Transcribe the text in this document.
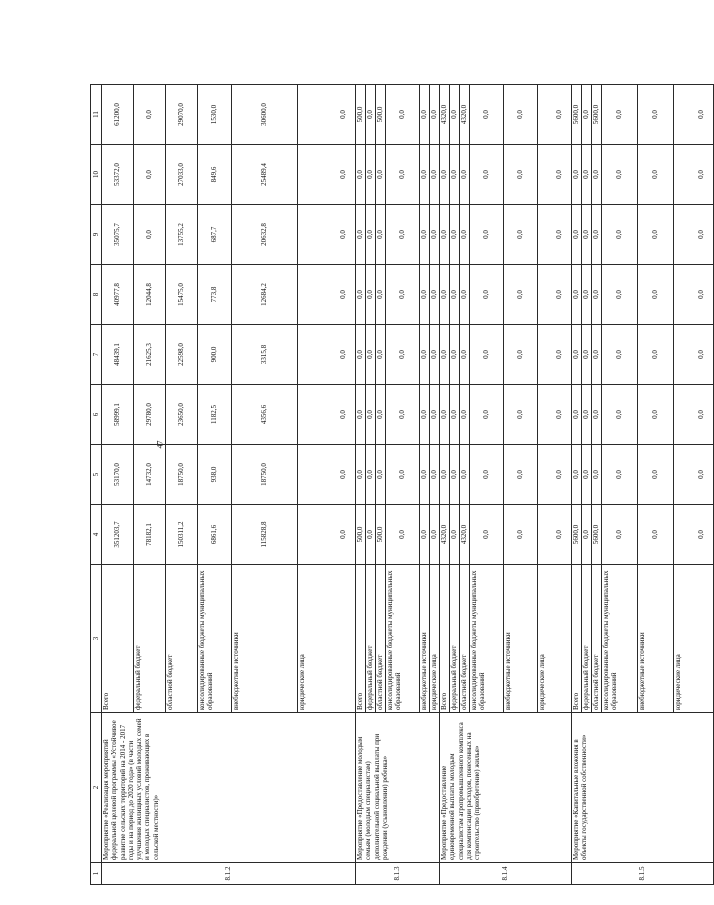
47
1	2	3	4	5	6	7	8	9	10	11
8.1.2	Мероприятие «Реализация мероприятий федеральной целевой программы «Устойчивое развитие сельских территорий на 2014 - 2017 годы и на период до 2020 года» (в части улучшения жилищных условий молодых семей и молодых специалистов, проживающих в сельской местности)»	Всего	351203,7	53170,0	58999,1	48439,1	40977,8	35075,7	53372,0	61200,0
		федеральный бюджет	78182,1	14732,0	29780,0	21625,3	12044,8	0,0	0,0	0,0
		областной бюджет	150311,2	18750,0	23650,0	22598,0	15475,0	13755,2	27033,0	29070,0
		консолидированные бюджеты муниципальных образований	6861,6	938,0	1182,5	900,0	773,8	687,7	849,6	1530,0
		внебюджетные источники	115828,8	18750,0	4356,6	3315,8	12684,2	20632,8	25489,4	30600,0
		юридические лица	0,0	0,0	0,0	0,0	0,0	0,0	0,0	0,0
8.1.3	Мероприятие «Предоставление молодым семьям (молодым специалистам) дополнительной социальной выплаты при рождении (усыновлении) ребенка»	Всего	500,0	0,0	0,0	0,0	0,0	0,0	0,0	500,0
		федеральный бюджет	0,0	0,0	0,0	0,0	0,0	0,0	0,0	0,0
		областной бюджет	500,0	0,0	0,0	0,0	0,0	0,0	0,0	500,0
		консолидированные бюджеты муниципальных образований	0,0	0,0	0,0	0,0	0,0	0,0	0,0	0,0
		внебюджетные источники	0,0	0,0	0,0	0,0	0,0	0,0	0,0	0,0
		юридические лица	0,0	0,0	0,0	0,0	0,0	0,0	0,0	0,0
8.1.4	Мероприятие «Предоставление единовременной выплаты молодым специалистам агропромышленного комплекса для компенсации расходов, понесенных на строительство (приобретение) жилья»	Всего	4320,0	0,0	0,0	0,0	0,0	0,0	0,0	4320,0
		федеральный бюджет	0,0	0,0	0,0	0,0	0,0	0,0	0,0	0,0
		областной бюджет	4320,0	0,0	0,0	0,0	0,0	0,0	0,0	4320,0
		консолидированные бюджеты муниципальных образований	0,0	0,0	0,0	0,0	0,0	0,0	0,0	0,0
		внебюджетные источники	0,0	0,0	0,0	0,0	0,0	0,0	0,0	0,0
		юридические лица	0,0	0,0	0,0	0,0	0,0	0,0	0,0	0,0
8.1.5	Мероприятие «Капитальные вложения в объекты государственной собственности»	Всего	5600,0	0,0	0,0	0,0	0,0	0,0	0,0	5600,0
		федеральный бюджет	0,0	0,0	0,0	0,0	0,0	0,0	0,0	0,0
		областной бюджет	5600,0	0,0	0,0	0,0	0,0	0,0	0,0	5600,0
		консолидированные бюджеты муниципальных образований	0,0	0,0	0,0	0,0	0,0	0,0	0,0	0,0
		внебюджетные источники	0,0	0,0	0,0	0,0	0,0	0,0	0,0	0,0
		юридические лица	0,0	0,0	0,0	0,0	0,0	0,0	0,0	0,0
